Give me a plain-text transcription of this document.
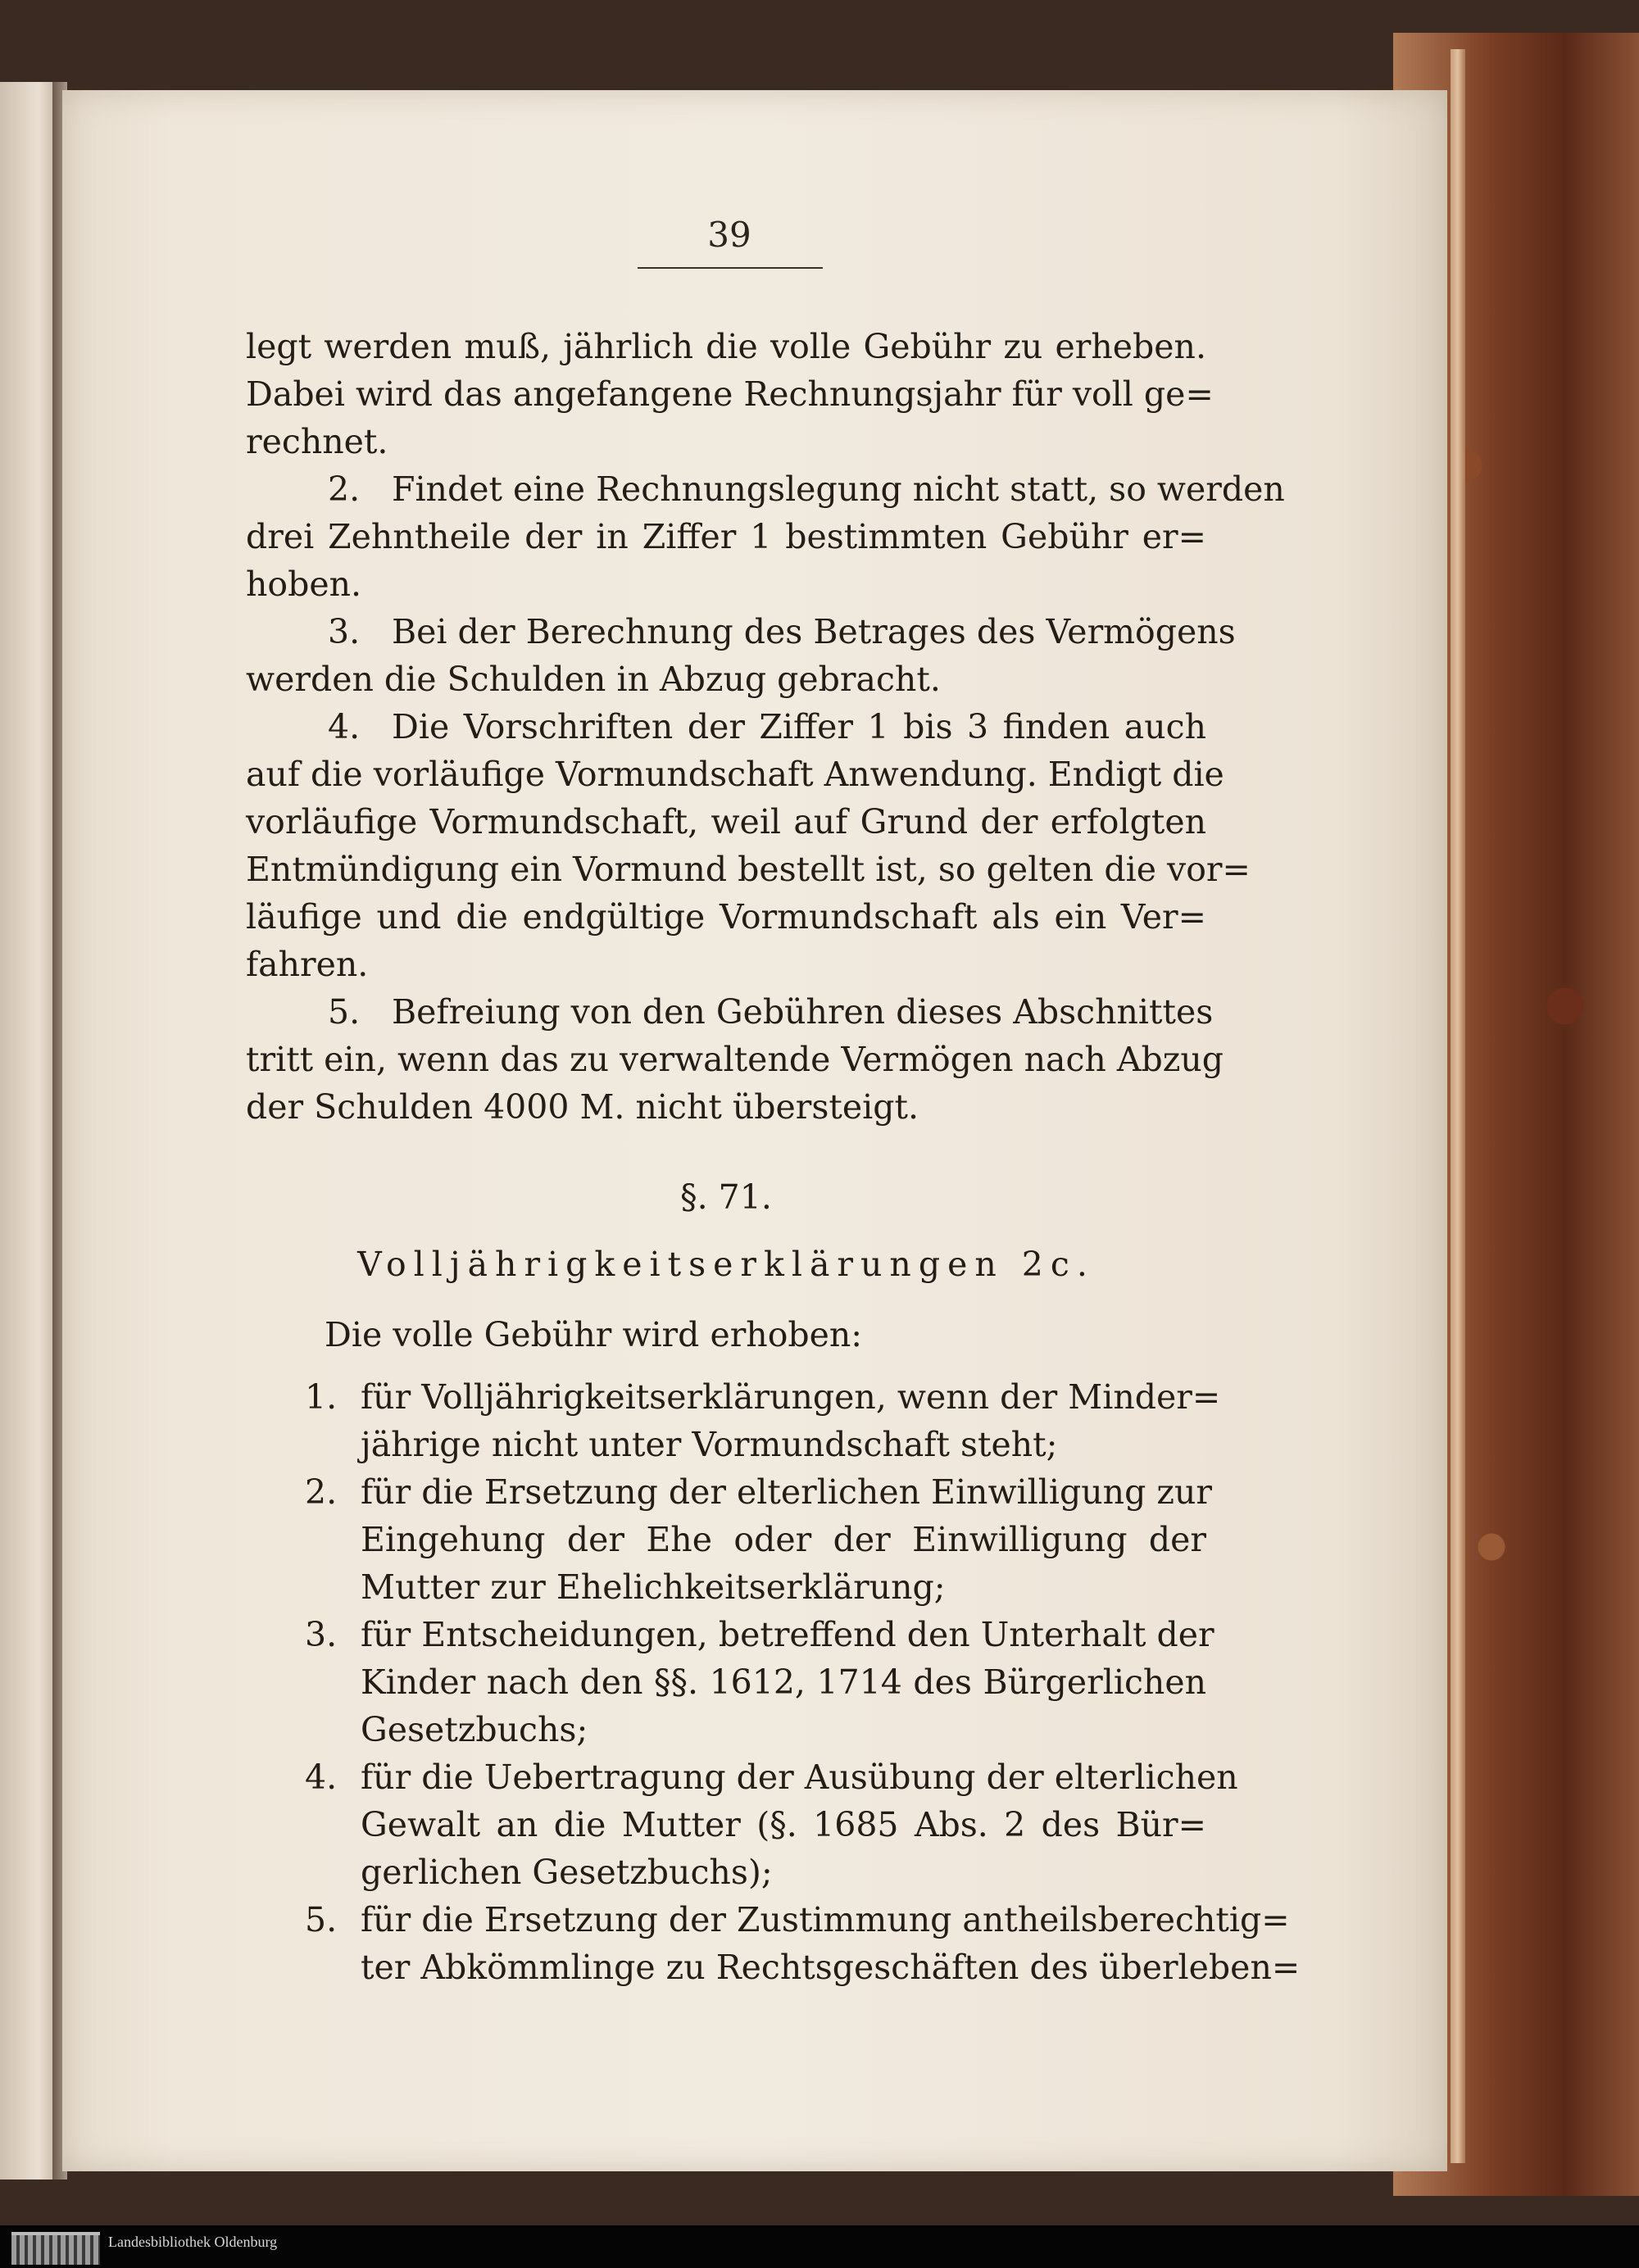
39
legt werden muß, jährlich die volle Gebühr zu erheben.
Dabei wird das angefangene Rechnungsjahr für voll ge=
rechnet.
2. Findet eine Rechnungslegung nicht statt, so werden
drei Zehntheile der in Ziffer 1 bestimmten Gebühr er=
hoben.
3. Bei der Berechnung des Betrages des Vermögens
werden die Schulden in Abzug gebracht.
4. Die Vorschriften der Ziffer 1 bis 3 finden auch
auf die vorläufige Vormundschaft Anwendung. Endigt die
vorläufige Vormundschaft, weil auf Grund der erfolgten
Entmündigung ein Vormund bestellt ist, so gelten die vor=
läufige und die endgültige Vormundschaft als ein Ver=
fahren.
5. Befreiung von den Gebühren dieses Abschnittes
tritt ein, wenn das zu verwaltende Vermögen nach Abzug
der Schulden 4000 M. nicht übersteigt.
§. 71.
Volljährigkeitserklärungen 2c.
Die volle Gebühr wird erhoben:
1. für Volljährigkeitserklärungen, wenn der Minder=
jährige nicht unter Vormundschaft steht;
2. für die Ersetzung der elterlichen Einwilligung zur
Eingehung der Ehe oder der Einwilligung der
Mutter zur Ehelichkeitserklärung;
3. für Entscheidungen, betreffend den Unterhalt der
Kinder nach den §§. 1612, 1714 des Bürgerlichen
Gesetzbuchs;
4. für die Uebertragung der Ausübung der elterlichen
Gewalt an die Mutter (§. 1685 Abs. 2 des Bür=
gerlichen Gesetzbuchs);
5. für die Ersetzung der Zustimmung antheilsberechtig=
ter Abkömmlinge zu Rechtsgeschäften des überleben=
Landesbibliothek Oldenburg
